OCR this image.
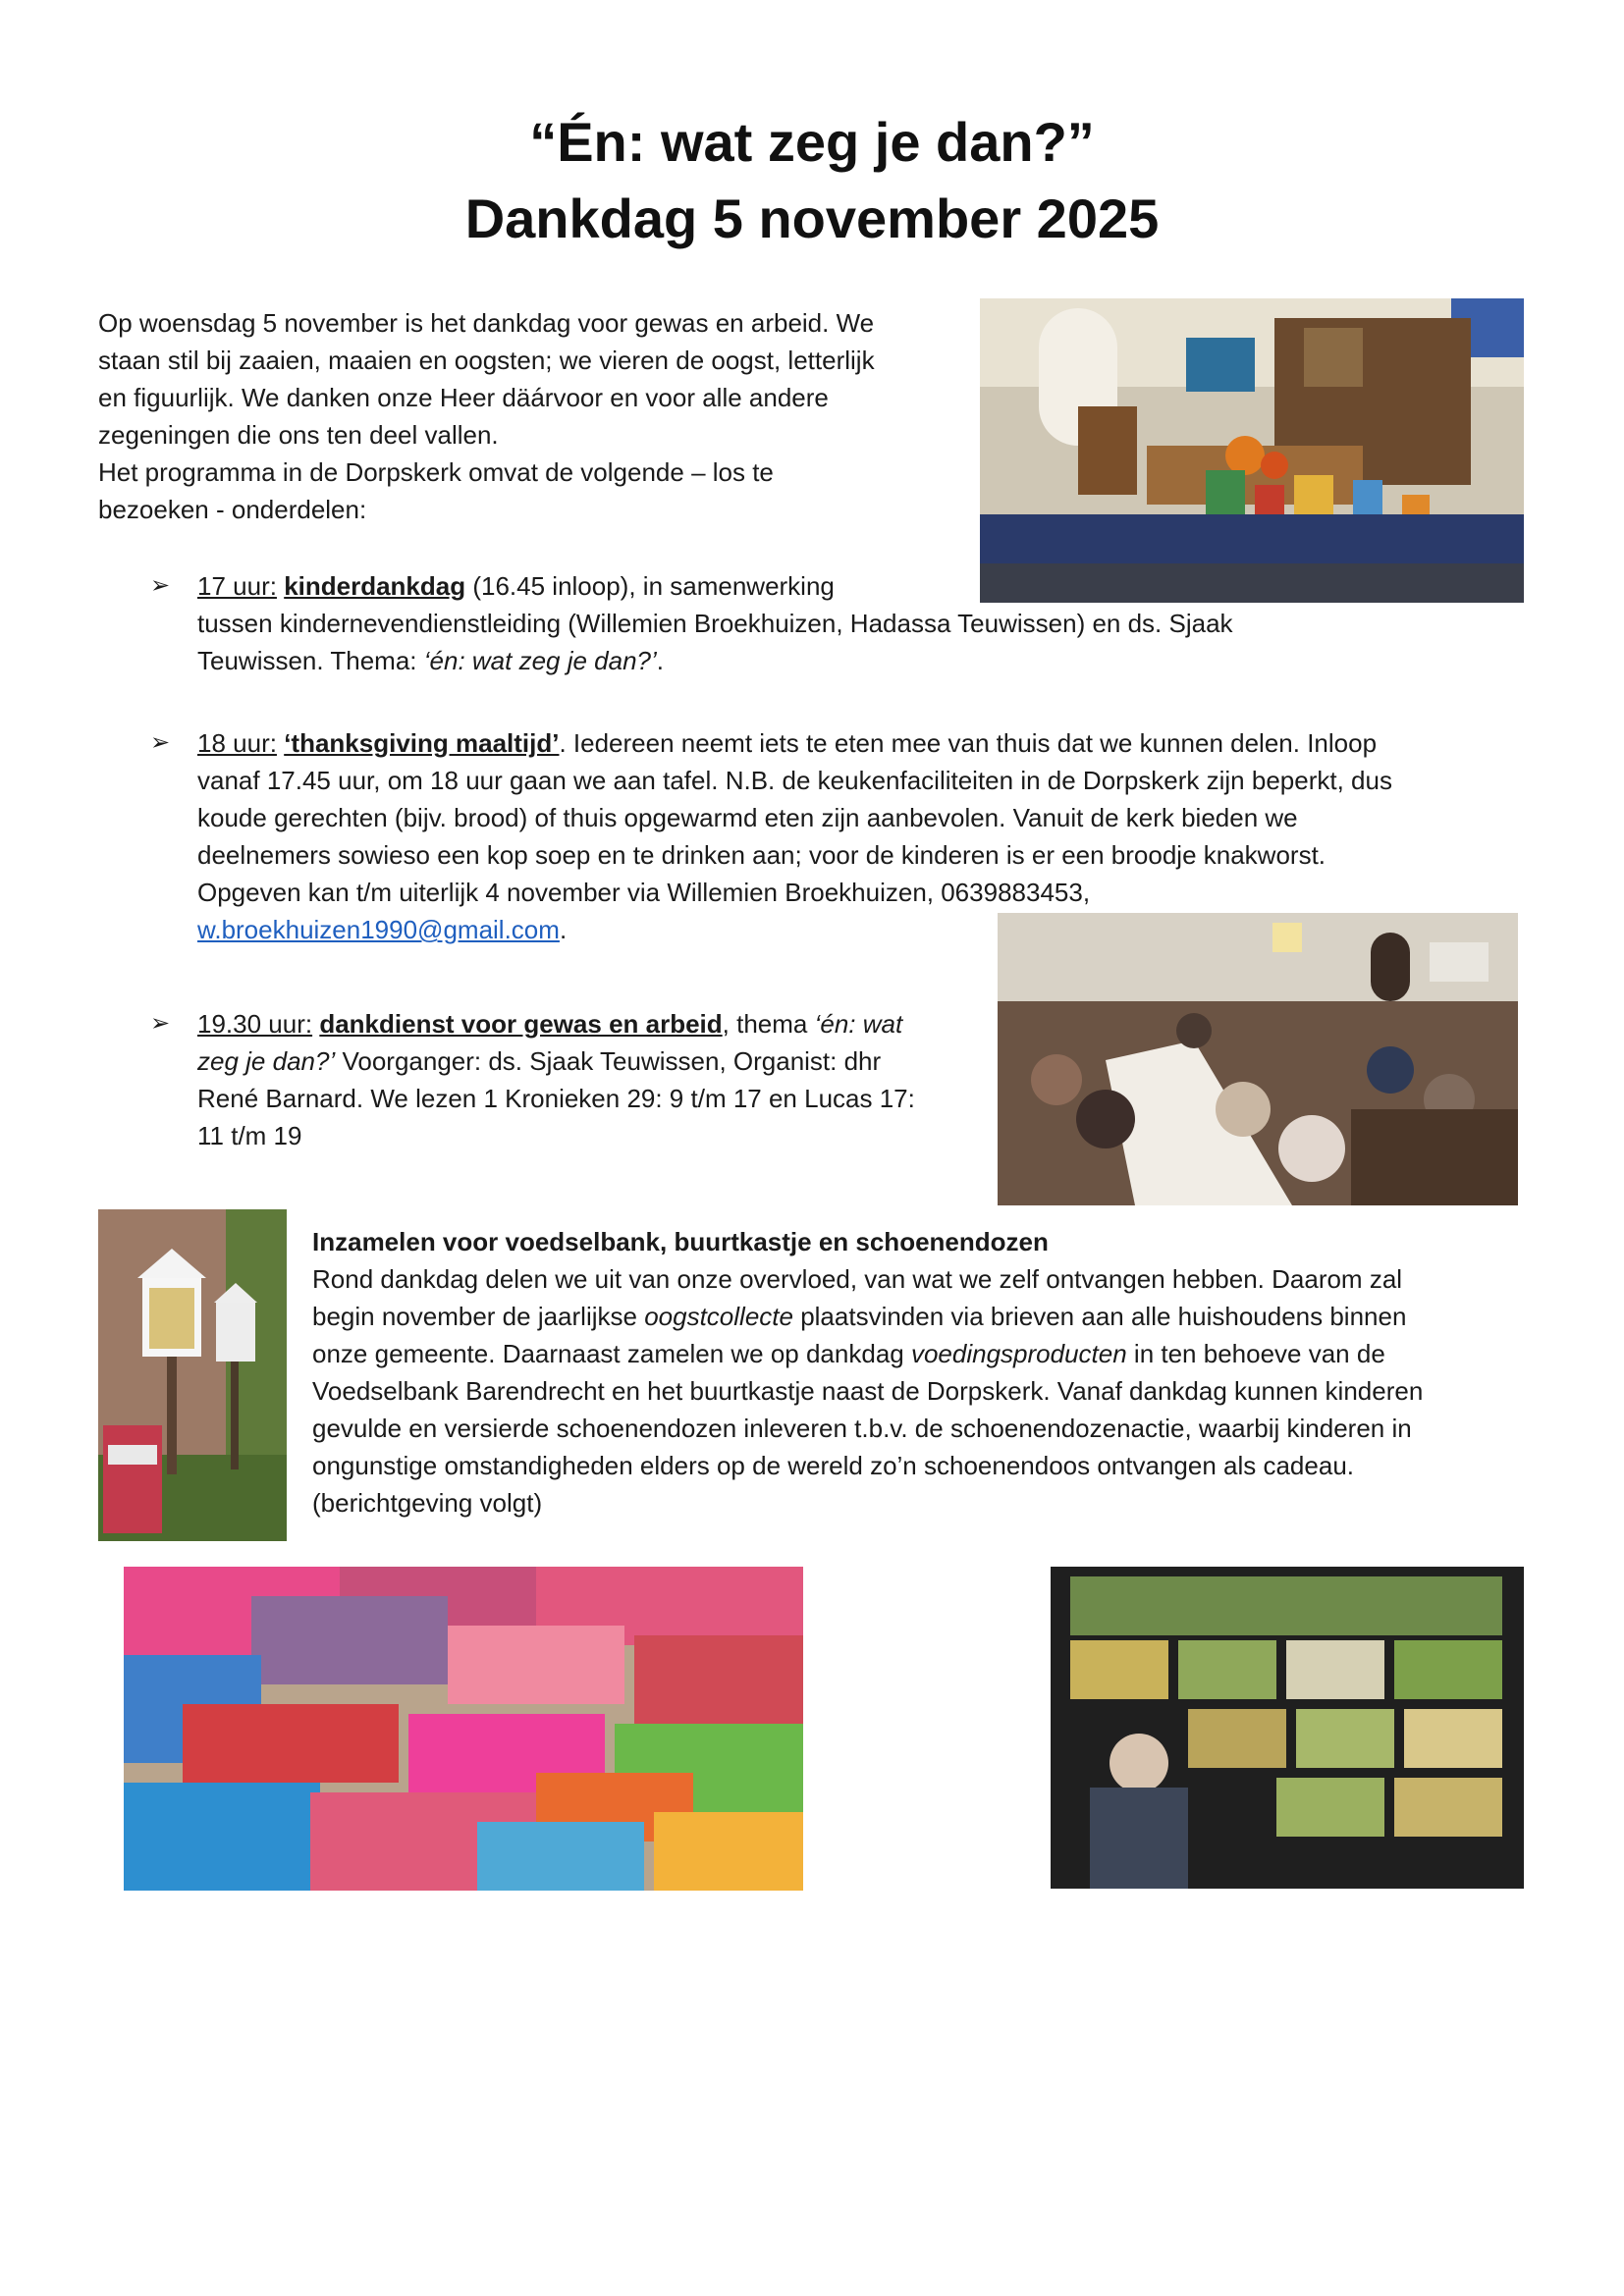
“Én: wat zeg je dan?”
Dankdag 5 november 2025
Op woensdag 5 november is het dankdag voor gewas en arbeid. We
staan stil bij zaaien, maaien en oogsten; we vieren de oogst, letterlijk
en figuurlijk. We danken onze Heer däárvoor en voor alle andere
zegeningen die ons ten deel vallen.
Het programma in de Dorpskerk omvat de volgende – los te
bezoeken - onderdelen:
➢	17 uur: kinderdankdag (16.45 inloop), in samenwerking
tussen kindernevendienstleiding (Willemien Broekhuizen, Hadassa Teuwissen) en ds. Sjaak
Teuwissen. Thema: ‘én: wat zeg je dan?’.
➢	18 uur: ‘thanksgiving maaltijd’. Iedereen neemt iets te eten mee van thuis dat we kunnen delen. Inloop
vanaf 17.45 uur, om 18 uur gaan we aan tafel. N.B. de keukenfaciliteiten in de Dorpskerk zijn beperkt, dus
koude gerechten (bijv. brood) of thuis opgewarmd eten zijn aanbevolen. Vanuit de kerk bieden we
deelnemers sowieso een kop soep en te drinken aan; voor de kinderen is er een broodje knakworst.
Opgeven kan t/m uiterlijk 4 november via Willemien Broekhuizen, 0639883453,
w.broekhuizen1990@gmail.com.
➢	19.30 uur: dankdienst voor gewas en arbeid, thema ‘én: wat
zeg je dan?’ Voorganger: ds. Sjaak Teuwissen, Organist: dhr
René Barnard. We lezen 1 Kronieken 29: 9 t/m 17 en Lucas 17:
11 t/m 19
Inzamelen voor voedselbank, buurtkastje en schoenendozen
Rond dankdag delen we uit van onze overvloed, van wat we zelf ontvangen hebben. Daarom zal
begin november de jaarlijkse oogstcollecte plaatsvinden via brieven aan alle huishoudens binnen
onze gemeente. Daarnaast zamelen we op dankdag voedingsproducten in ten behoeve van de
Voedselbank Barendrecht en het buurtkastje naast de Dorpskerk. Vanaf dankdag kunnen kinderen
gevulde en versierde schoenendozen inleveren t.b.v. de schoenendozenactie, waarbij kinderen in
ongunstige omstandigheden elders op de wereld zo’n schoenendoos ontvangen als cadeau.
(berichtgeving volgt)
